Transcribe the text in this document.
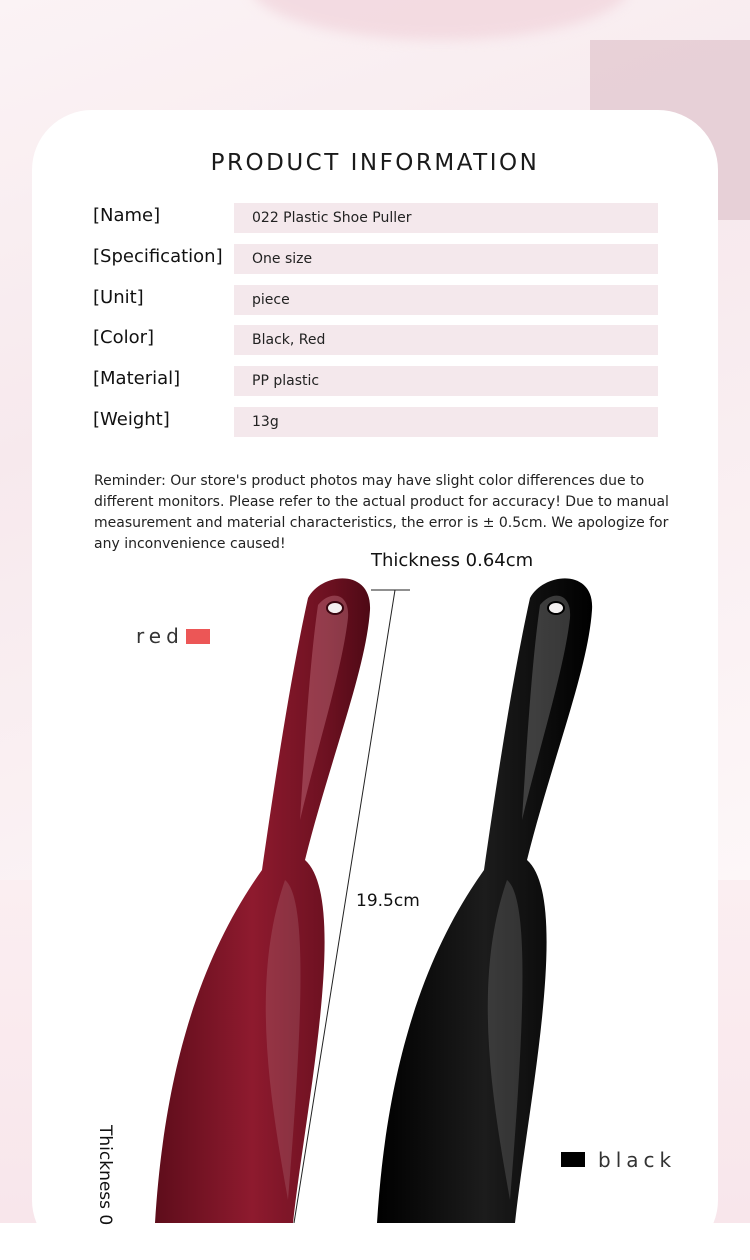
PRODUCT INFORMATION
[Name]	022 Plastic Shoe Puller
[Specification]	One size
[Unit]	piece
[Color]	Black, Red
[Material]	PP plastic
[Weight]	13g

Reminder: Our store's product photos may have slight color differences due to different monitors. Please refer to the actual product for accuracy! Due to manual measurement and material characteristics, the error is ± 0.5cm. We apologize for any inconvenience caused!

Thickness 0.64cm
19.5cm
Thickness 0
red
black
